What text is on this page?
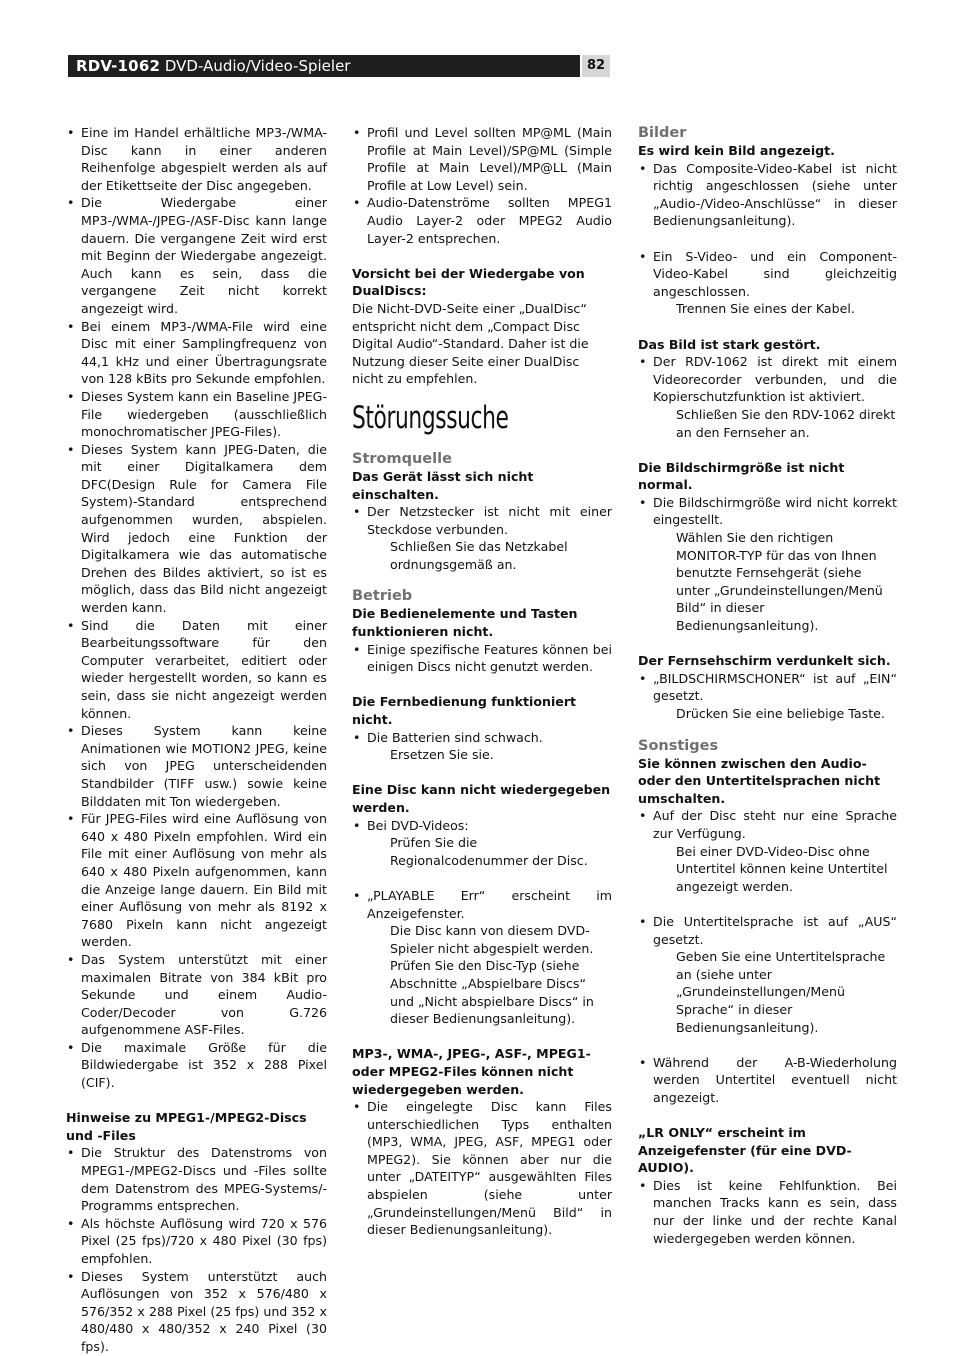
RDV-1062 DVD-Audio/Video-Spieler	82
• Eine im Handel erhältliche MP3-/WMA-Disc kann in einer anderen Reihenfolge abgespielt werden als auf der Etikettseite der Disc angegeben.
• Die Wiedergabe einer MP3-/WMA-/JPEG-/ASF-Disc kann lange dauern. Die vergangene Zeit wird erst mit Beginn der Wiedergabe angezeigt. Auch kann es sein, dass die vergangene Zeit nicht korrekt angezeigt wird.
• Bei einem MP3-/WMA-File wird eine Disc mit einer Samplingfrequenz von 44,1 kHz und einer Übertragungsrate von 128 kBits pro Sekunde empfohlen.
• Dieses System kann ein Baseline JPEG-File wiedergeben (ausschließlich monochromatischer JPEG-Files).
• Dieses System kann JPEG-Daten, die mit einer Digitalkamera dem DFC(Design Rule for Camera File System)-Standard entsprechend aufgenommen wurden, abspielen. Wird jedoch eine Funktion der Digitalkamera wie das automatische Drehen des Bildes aktiviert, so ist es möglich, dass das Bild nicht angezeigt werden kann.
• Sind die Daten mit einer Bearbeitungssoftware für den Computer verarbeitet, editiert oder wieder hergestellt worden, so kann es sein, dass sie nicht angezeigt werden können.
• Dieses System kann keine Animationen wie MOTION2 JPEG, keine sich von JPEG unterscheidenden Standbilder (TIFF usw.) sowie keine Bilddaten mit Ton wiedergeben.
• Für JPEG-Files wird eine Auflösung von 640 x 480 Pixeln empfohlen. Wird ein File mit einer Auflösung von mehr als 640 x 480 Pixeln aufgenommen, kann die Anzeige lange dauern. Ein Bild mit einer Auflösung von mehr als 8192 x 7680 Pixeln kann nicht angezeigt werden.
• Das System unterstützt mit einer maximalen Bitrate von 384 kBit pro Sekunde und einem Audio-Coder/Decoder von G.726 aufgenommene ASF-Files.
• Die maximale Größe für die Bildwiedergabe ist 352 x 288 Pixel (CIF).

Hinweise zu MPEG1-/MPEG2-Discs und -Files

• Die Struktur des Datenstroms von MPEG1-/MPEG2-Discs und -Files sollte dem Datenstrom des MPEG-Systems/-Programms entsprechen.
• Als höchste Auflösung wird 720 x 576 Pixel (25 fps)/720 x 480 Pixel (30 fps) empfohlen.
• Dieses System unterstützt auch Auflösungen von 352 x 576/480 x 576/352 x 288 Pixel (25 fps) und 352 x 480/480 x 480/352 x 240 Pixel (30 fps).
• Profil und Level sollten MP@ML (Main Profile at Main Level)/SP@ML (Simple Profile at Main Level)/MP@LL (Main Profile at Low Level) sein.
• Audio-Datenströme sollten MPEG1 Audio Layer-2 oder MPEG2 Audio Layer-2 entsprechen.

Vorsicht bei der Wiedergabe von DualDiscs:

Die Nicht-DVD-Seite einer „DualDisc“ entspricht nicht dem „Compact Disc Digital Audio“-Standard. Daher ist die Nutzung dieser Seite einer DualDisc nicht zu empfehlen.

Störungssuche

Stromquelle

Das Gerät lässt sich nicht einschalten.

• Der Netzstecker ist nicht mit einer Steckdose verbunden.

Schließen Sie das Netzkabel ordnungsgemäß an.

Betrieb

Die Bedienelemente und Tasten funktionieren nicht.

• Einige spezifische Features können bei einigen Discs nicht genutzt werden.

Die Fernbedienung funktioniert nicht.

• Die Batterien sind schwach.

Ersetzen Sie sie.

Eine Disc kann nicht wiedergegeben werden.

• Bei DVD-Videos:

Prüfen Sie die Regionalcodenummer der Disc.

• „PLAYABLE Err“ erscheint im Anzeigefenster.

Die Disc kann von diesem DVD-Spieler nicht abgespielt werden. Prüfen Sie den Disc-Typ (siehe Abschnitte „Abspielbare Discs“ und „Nicht abspielbare Discs“ in dieser Bedienungsanleitung).

MP3-, WMA-, JPEG-, ASF-, MPEG1- oder MPEG2-Files können nicht wiedergegeben werden.

• Die eingelegte Disc kann Files unterschiedlichen Typs enthalten (MP3, WMA, JPEG, ASF, MPEG1 oder MPEG2). Sie können aber nur die unter „DATEITYP“ ausgewählten Files abspielen (siehe unter „Grundeinstellungen/Menü Bild“ in dieser Bedienungsanleitung).

Bilder

Es wird kein Bild angezeigt.

• Das Composite-Video-Kabel ist nicht richtig angeschlossen (siehe unter „Audio-/Video-Anschlüsse“ in dieser Bedienungsanleitung).
• Ein S-Video- und ein Component-Video-Kabel sind gleichzeitig angeschlossen.

Trennen Sie eines der Kabel.

Das Bild ist stark gestört.

• Der RDV-1062 ist direkt mit einem Videorecorder verbunden, und die Kopierschutzfunktion ist aktiviert.

Schließen Sie den RDV-1062 direkt an den Fernseher an.

Die Bildschirmgröße ist nicht normal.

• Die Bildschirmgröße wird nicht korrekt eingestellt.

Wählen Sie den richtigen MONITOR-TYP für das von Ihnen benutzte Fernsehgerät (siehe unter „Grundeinstellungen/Menü Bild“ in dieser Bedienungsanleitung).

Der Fernsehschirm verdunkelt sich.

• „BILDSCHIRMSCHONER“ ist auf „EIN“ gesetzt.

Drücken Sie eine beliebige Taste.

Sonstiges

Sie können zwischen den Audio- oder den Untertitelsprachen nicht umschalten.

• Auf der Disc steht nur eine Sprache zur Verfügung.

Bei einer DVD-Video-Disc ohne Untertitel können keine Untertitel angezeigt werden.

• Die Untertitelsprache ist auf „AUS“ gesetzt.

Geben Sie eine Untertitelsprache an (siehe unter „Grundeinstellungen/Menü Sprache“ in dieser Bedienungsanleitung).

• Während der A-B-Wiederholung werden Untertitel eventuell nicht angezeigt.

„LR ONLY“ erscheint im Anzeigefenster (für eine DVD-AUDIO).

• Dies ist keine Fehlfunktion. Bei manchen Tracks kann es sein, dass nur der linke und der rechte Kanal wiedergegeben werden können.
